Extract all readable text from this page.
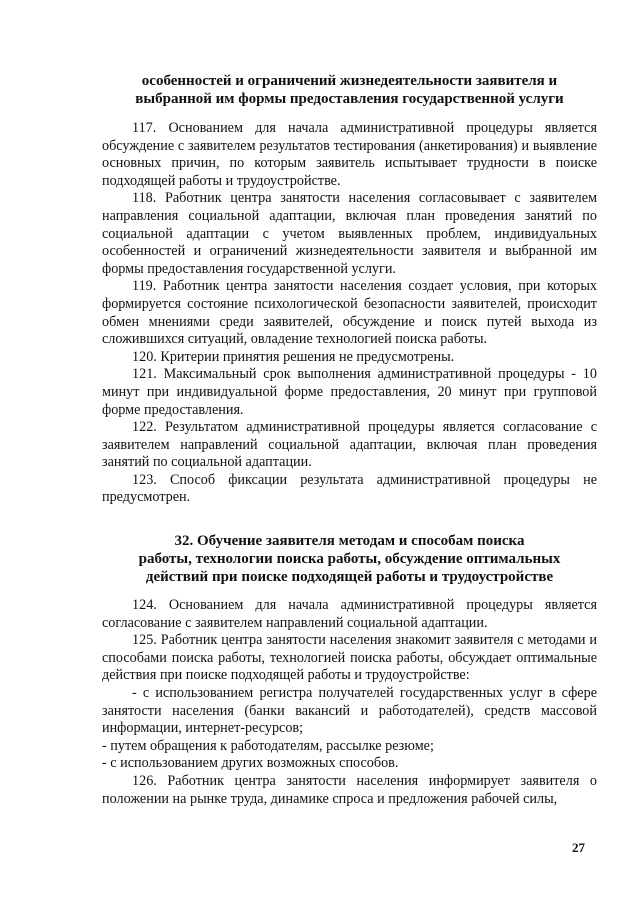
особенностей и ограничений жизнедеятельности заявителя и
выбранной им формы предоставления государственной услуги

117. Основанием для начала административной процедуры является обсуждение с заявителем результатов тестирования (анкетирования) и выявление основных причин, по которым заявитель испытывает трудности в поиске подходящей работы и трудоустройстве.

118. Работник центра занятости населения согласовывает с заявителем направления социальной адаптации, включая план проведения занятий по социальной адаптации с учетом выявленных проблем, индивидуальных особенностей и ограничений жизнедеятельности заявителя и выбранной им формы предоставления государственной услуги.

119. Работник центра занятости населения создает условия, при которых формируется состояние психологической безопасности заявителей, происходит обмен мнениями среди заявителей, обсуждение и поиск путей выхода из сложившихся ситуаций, овладение технологией поиска работы.

120. Критерии принятия решения не предусмотрены.

121. Максимальный срок выполнения административной процедуры - 10 минут при индивидуальной форме предоставления, 20 минут при групповой форме предоставления.

122. Результатом административной процедуры является согласование с заявителем направлений социальной адаптации, включая план проведения занятий по социальной адаптации.

123. Способ фиксации результата административной процедуры не предусмотрен.

32. Обучение заявителя методам и способам поиска
работы, технологии поиска работы, обсуждение оптимальных
действий при поиске подходящей работы и трудоустройстве

124. Основанием для начала административной процедуры является согласование с заявителем направлений социальной адаптации.

125. Работник центра занятости населения знакомит заявителя с методами и способами поиска работы, технологией поиска работы, обсуждает оптимальные действия при поиске подходящей работы и трудоустройстве:

- с использованием регистра получателей государственных услуг в сфере занятости населения (банки вакансий и работодателей), средств массовой информации, интернет-ресурсов;

- путем обращения к работодателям, рассылке резюме;

- с использованием других возможных способов.

126. Работник центра занятости населения информирует заявителя о положении на рынке труда, динамике спроса и предложения рабочей силы,

27
